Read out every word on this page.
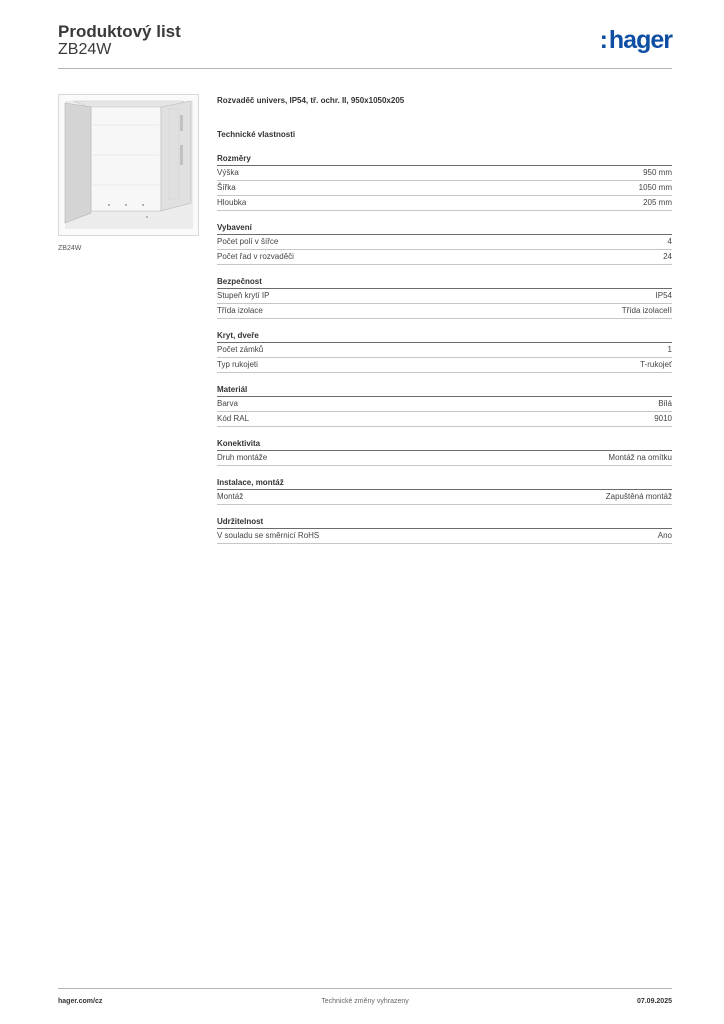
Produktový list
ZB24W	:hager
ZB24W
Rozvaděč univers, IP54, tř. ochr. II, 950x1050x205
Technické vlastnosti
Rozměry
Výška	950 mm
Šířka	1050 mm
Hloubka	205 mm
Vybavení
Počet polí v šířce	4
Počet řad v rozvaděči	24
Bezpečnost
Stupeň krytí IP	IP54
Třída izolace	Třída izolaceII
Kryt, dveře
Počet zámků	1
Typ rukojeti	T-rukojeť
Materiál
Barva	Bílá
Kód RAL	9010
Konektivita
Druh montáže	Montáž na omítku
Instalace, montáž
Montáž	Zapuštěná montáž
Udržitelnost
V souladu se směrnicí RoHS	Ano
Technické změny vyhrazeny
hager.com/cz	07.09.2025
